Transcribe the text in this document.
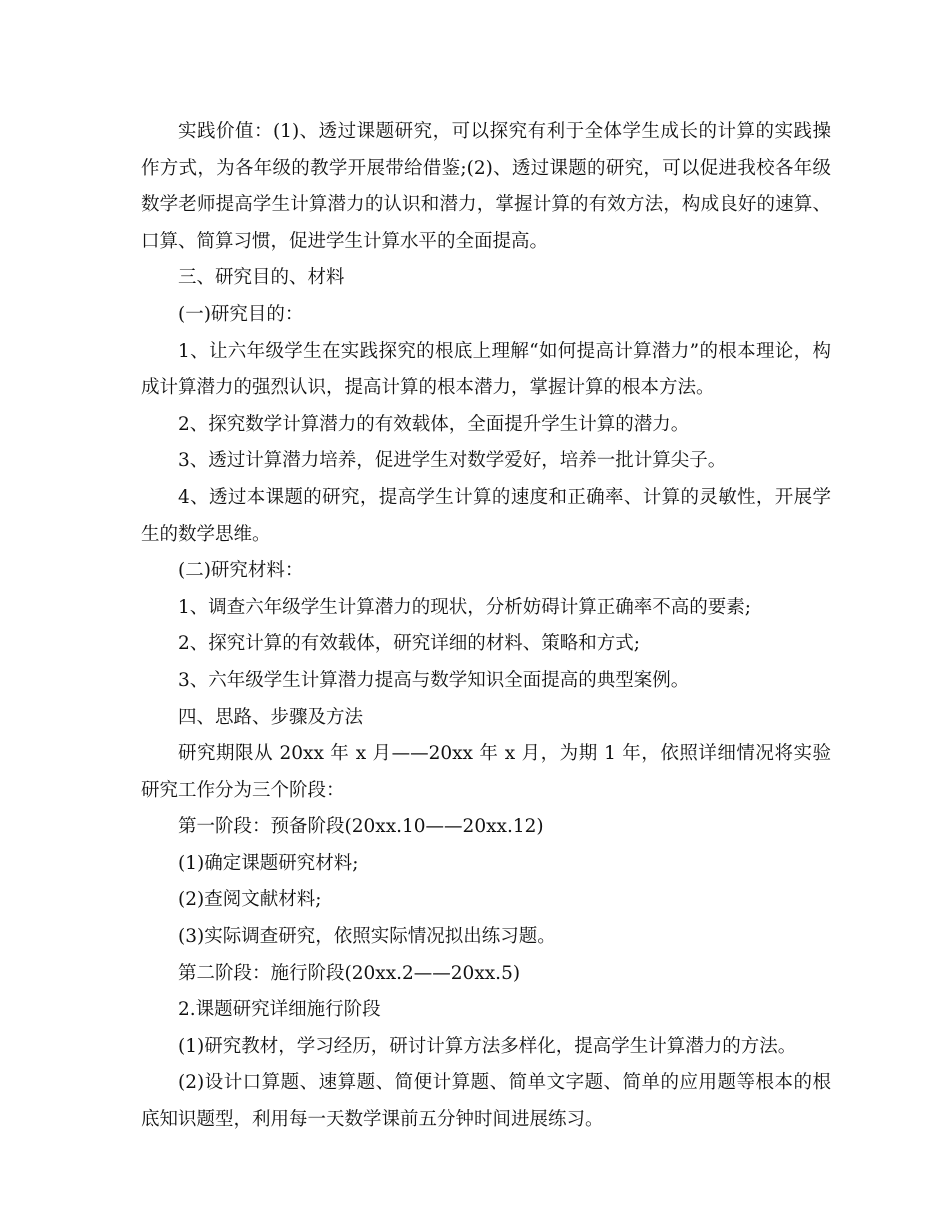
实践价值：(1)、透过课题研究，可以探究有利于全体学生成长的计算的实践操作方式，为各年级的教学开展带给借鉴;(2)、透过课题的研究，可以促进我校各年级数学老师提高学生计算潜力的认识和潜力，掌握计算的有效方法，构成良好的速算、口算、简算习惯，促进学生计算水平的全面提高。

三、研究目的、材料

(一)研究目的：

1、让六年级学生在实践探究的根底上理解“如何提高计算潜力”的根本理论，构成计算潜力的强烈认识，提高计算的根本潜力，掌握计算的根本方法。

2、探究数学计算潜力的有效载体，全面提升学生计算的潜力。

3、透过计算潜力培养，促进学生对数学爱好，培养一批计算尖子。

4、透过本课题的研究，提高学生计算的速度和正确率、计算的灵敏性，开展学生的数学思维。

(二)研究材料：

1、调查六年级学生计算潜力的现状，分析妨碍计算正确率不高的要素;

2、探究计算的有效载体，研究详细的材料、策略和方式;

3、六年级学生计算潜力提高与数学知识全面提高的典型案例。

四、思路、步骤及方法

研究期限从 20xx 年 x 月——20xx 年 x 月，为期 1 年，依照详细情况将实验研究工作分为三个阶段：

第一阶段：预备阶段(20xx.10——20xx.12)

(1)确定课题研究材料;

(2)查阅文献材料;

(3)实际调查研究，依照实际情况拟出练习题。

第二阶段：施行阶段(20xx.2——20xx.5)

2.课题研究详细施行阶段

(1)研究教材，学习经历，研讨计算方法多样化，提高学生计算潜力的方法。

(2)设计口算题、速算题、简便计算题、简单文字题、简单的应用题等根本的根底知识题型，利用每一天数学课前五分钟时间进展练习。
